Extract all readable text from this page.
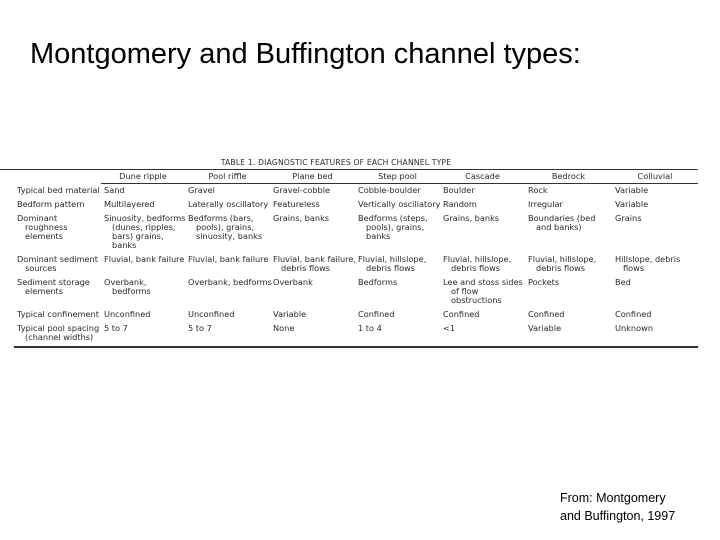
Montgomery and Buffington channel types:
TABLE 1. DIAGNOSTIC FEATURES OF EACH CHANNEL TYPE
	Dune ripple	Pool riffle	Plane bed	Step pool	Cascade	Bedrock	Colluvial

Typical bed material	Sand	Gravel	Gravel-cobble	Cobble-boulder	Boulder	Rock	Variable

Bedform pattern	Multilayered	Laterally oscillatory	Featureless	Vertically oscillatory	Random	Irregular	Variable

Dominant
roughness
elements	Sinuosity, bedforms
(dunes, ripples,
bars) grains,
banks	Bedforms (bars,
pools), grains,
sinuosity, banks	Grains, banks	Bedforms (steps,
pools), grains,
banks	Grains, banks	Boundaries (bed
and banks)	Grains

Dominant sediment
sources	Fluvial, bank failure	Fluvial, bank failure	Fluvial, bank failure,
debris flows	Fluvial, hillslope,
debris flows	Fluvial, hillslope,
debris flows	Fluvial, hillslope,
debris flows	Hillslope, debris
flows

Sediment storage
elements	Overbank,
bedforms	Overbank, bedforms	Overbank	Bedforms	Lee and stoss sides
of flow
obstructions	Pockets	Bed

Typical confinement	Unconfined	Unconfined	Variable	Confined	Confined	Confined	Confined

Typical pool spacing
(channel widths)	5 to 7	5 to 7	None	1 to 4	<1	Variable	Unknown
From: Montgomery
and Buffington, 1997
